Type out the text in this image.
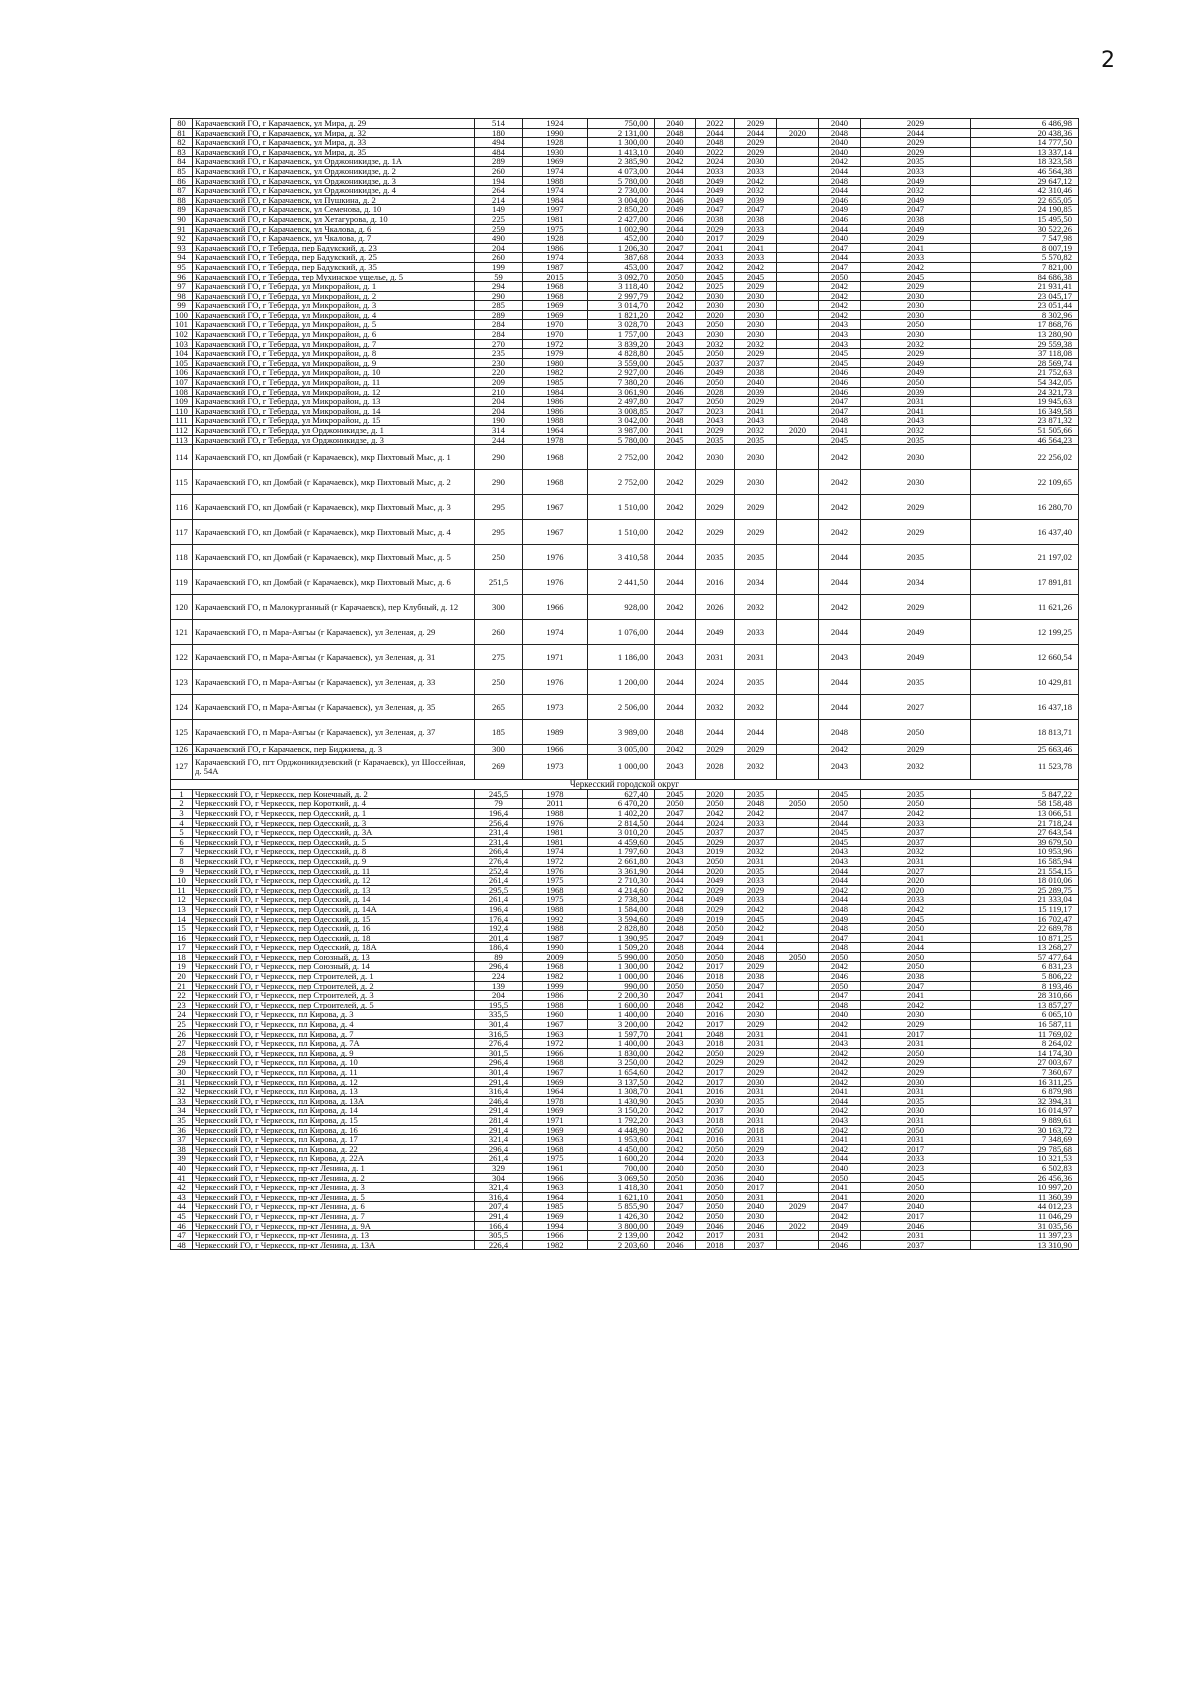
2
80	Карачаевский ГО, г Карачаевск, ул Мира, д. 29	514	1924	750,00	2040	2022	2029		2040	2029	6 486,98
81	Карачаевский ГО, г Карачаевск, ул Мира, д. 32	180	1990	2 131,00	2048	2044	2044	2020	2048	2044	20 438,36
82	Карачаевский ГО, г Карачаевск, ул Мира, д. 33	494	1928	1 300,00	2040	2048	2029		2040	2029	14 777,50
83	Карачаевский ГО, г Карачаевск, ул Мира, д. 35	484	1930	1 413,10	2040	2022	2029		2040	2029	13 337,14
84	Карачаевский ГО, г Карачаевск, ул Орджоникидзе, д. 1А	289	1969	2 385,90	2042	2024	2030		2042	2035	18 323,58
85	Карачаевский ГО, г Карачаевск, ул Орджоникидзе, д. 2	260	1974	4 073,00	2044	2033	2033		2044	2033	46 564,38
86	Карачаевский ГО, г Карачаевск, ул Орджоникидзе, д. 3	194	1988	5 780,00	2048	2049	2042		2048	2049	29 647,12
87	Карачаевский ГО, г Карачаевск, ул Орджоникидзе, д. 4	264	1974	2 730,00	2044	2049	2032		2044	2032	42 310,46
88	Карачаевский ГО, г Карачаевск, ул Пушкина, д. 2	214	1984	3 004,00	2046	2049	2039		2046	2049	22 655,05
89	Карачаевский ГО, г Карачаевск, ул Семенова, д. 10	149	1997	2 850,20	2049	2047	2047		2049	2047	24 190,85
90	Карачаевский ГО, г Карачаевск, ул Хетагурова, д. 10	225	1981	2 427,00	2046	2038	2038		2046	2038	15 495,50
91	Карачаевский ГО, г Карачаевск, ул Чкалова, д. 6	259	1975	1 002,90	2044	2029	2033		2044	2049	30 522,26
92	Карачаевский ГО, г Карачаевск, ул Чкалова, д. 7	490	1928	452,00	2040	2017	2029		2040	2029	7 547,98
93	Карачаевский ГО, г Теберда, пер Бадукский, д. 23	204	1986	1 206,30	2047	2041	2041		2047	2041	8 007,19
94	Карачаевский ГО, г Теберда, пер Бадукский, д. 25	260	1974	387,68	2044	2033	2033		2044	2033	5 570,82
95	Карачаевский ГО, г Теберда, пер Бадукский, д. 35	199	1987	453,00	2047	2042	2042		2047	2042	7 821,00
96	Карачаевский ГО, г Теберда, тер Мухинское ущелье, д. 5	59	2015	3 092,70	2050	2045	2045		2050	2045	84 686,38
97	Карачаевский ГО, г Теберда, ул Микрорайон, д. 1	294	1968	3 118,40	2042	2025	2029		2042	2029	21 931,41
98	Карачаевский ГО, г Теберда, ул Микрорайон, д. 2	290	1968	2 997,79	2042	2030	2030		2042	2030	23 045,17
99	Карачаевский ГО, г Теберда, ул Микрорайон, д. 3	285	1969	3 014,70	2042	2030	2030		2042	2030	23 051,44
100	Карачаевский ГО, г Теберда, ул Микрорайон, д. 4	289	1969	1 821,20	2042	2020	2030		2042	2030	8 302,96
101	Карачаевский ГО, г Теберда, ул Микрорайон, д. 5	284	1970	3 028,70	2043	2050	2030		2043	2050	17 868,76
102	Карачаевский ГО, г Теберда, ул Микрорайон, д. 6	284	1970	1 757,00	2043	2030	2030		2043	2030	13 280,90
103	Карачаевский ГО, г Теберда, ул Микрорайон, д. 7	270	1972	3 839,20	2043	2032	2032		2043	2032	29 559,38
104	Карачаевский ГО, г Теберда, ул Микрорайон, д. 8	235	1979	4 828,80	2045	2050	2029		2045	2029	37 118,08
105	Карачаевский ГО, г Теберда, ул Микрорайон, д. 9	230	1980	3 559,00	2045	2037	2037		2045	2049	28 569,74
106	Карачаевский ГО, г Теберда, ул Микрорайон, д. 10	220	1982	2 927,00	2046	2049	2038		2046	2049	21 752,63
107	Карачаевский ГО, г Теберда, ул Микрорайон, д. 11	209	1985	7 380,20	2046	2050	2040		2046	2050	54 342,05
108	Карачаевский ГО, г Теберда, ул Микрорайон, д. 12	210	1984	3 061,90	2046	2028	2039		2046	2039	24 321,73
109	Карачаевский ГО, г Теберда, ул Микрорайон, д. 13	204	1986	2 497,80	2047	2050	2029		2047	2031	19 945,63
110	Карачаевский ГО, г Теберда, ул Микрорайон, д. 14	204	1986	3 008,85	2047	2023	2041		2047	2041	16 349,58
111	Карачаевский ГО, г Теберда, ул Микрорайон, д. 15	190	1988	3 042,00	2048	2043	2043		2048	2043	23 871,32
112	Карачаевский ГО, г Теберда, ул Орджоникидзе, д. 1	314	1964	3 987,00	2041	2029	2032	2020	2041	2032	51 505,66
113	Карачаевский ГО, г Теберда, ул Орджоникидзе, д. 3	244	1978	5 780,00	2045	2035	2035		2045	2035	46 564,23
114	Карачаевский ГО, кп Домбай (г Карачаевск), мкр Пихтовый Мыс, д. 1	290	1968	2 752,00	2042	2030	2030		2042	2030	22 256,02
115	Карачаевский ГО, кп Домбай (г Карачаевск), мкр Пихтовый Мыс, д. 2	290	1968	2 752,00	2042	2029	2030		2042	2030	22 109,65
116	Карачаевский ГО, кп Домбай (г Карачаевск), мкр Пихтовый Мыс, д. 3	295	1967	1 510,00	2042	2029	2029		2042	2029	16 280,70
117	Карачаевский ГО, кп Домбай (г Карачаевск), мкр Пихтовый Мыс, д. 4	295	1967	1 510,00	2042	2029	2029		2042	2029	16 437,40
118	Карачаевский ГО, кп Домбай (г Карачаевск), мкр Пихтовый Мыс, д. 5	250	1976	3 410,58	2044	2035	2035		2044	2035	21 197,02
119	Карачаевский ГО, кп Домбай (г Карачаевск), мкр Пихтовый Мыс, д. 6	251,5	1976	2 441,50	2044	2016	2034		2044	2034	17 891,81
120	Карачаевский ГО, п Малокурганный (г Карачаевск), пер Клубный, д. 12	300	1966	928,00	2042	2026	2032		2042	2029	11 621,26
121	Карачаевский ГО, п Мара-Аягъы (г Карачаевск), ул Зеленая, д. 29	260	1974	1 076,00	2044	2049	2033		2044	2049	12 199,25
122	Карачаевский ГО, п Мара-Аягъы (г Карачаевск), ул Зеленая, д. 31	275	1971	1 186,00	2043	2031	2031		2043	2049	12 660,54
123	Карачаевский ГО, п Мара-Аягъы (г Карачаевск), ул Зеленая, д. 33	250	1976	1 200,00	2044	2024	2035		2044	2035	10 429,81
124	Карачаевский ГО, п Мара-Аягъы (г Карачаевск), ул Зеленая, д. 35	265	1973	2 506,00	2044	2032	2032		2044	2027	16 437,18
125	Карачаевский ГО, п Мара-Аягъы (г Карачаевск), ул Зеленая, д. 37	185	1989	3 989,00	2048	2044	2044		2048	2050	18 813,71
126	Карачаевский ГО, г Карачаевск, пер Биджиева, д. 3	300	1966	3 005,00	2042	2029	2029		2042	2029	25 663,46
127	Карачаевский ГО, пгт Орджоникидзевский (г Карачаевск), ул Шоссейная, д. 54А	269	1973	1 000,00	2043	2028	2032		2043	2032	11 523,78
Черкесский городской округ											
1	Черкесский ГО, г Черкесск, пер Конечный, д. 2	245,5	1978	627,40	2045	2020	2035		2045	2035	5 847,22
2	Черкесский ГО, г Черкесск, пер Короткий, д. 4	79	2011	6 470,20	2050	2050	2048	2050	2050	2050	58 158,48
3	Черкесский ГО, г Черкесск, пер Одесский, д. 1	196,4	1988	1 402,20	2047	2042	2042		2047	2042	13 066,51
4	Черкесский ГО, г Черкесск, пер Одесский, д. 3	256,4	1976	2 814,50	2044	2024	2033		2044	2033	21 718,24
5	Черкесский ГО, г Черкесск, пер Одесский, д. 3А	231,4	1981	3 010,20	2045	2037	2037		2045	2037	27 643,54
6	Черкесский ГО, г Черкесск, пер Одесский, д. 5	231,4	1981	4 459,60	2045	2029	2037		2045	2037	39 679,50
7	Черкесский ГО, г Черкесск, пер Одесский, д. 8	266,4	1974	1 797,60	2043	2019	2032		2043	2032	10 953,96
8	Черкесский ГО, г Черкесск, пер Одесский, д. 9	276,4	1972	2 661,80	2043	2050	2031		2043	2031	16 585,94
9	Черкесский ГО, г Черкесск, пер Одесский, д. 11	252,4	1976	3 361,90	2044	2020	2035		2044	2027	21 554,15
10	Черкесский ГО, г Черкесск, пер Одесский, д. 12	261,4	1975	2 710,30	2044	2049	2033		2044	2020	18 010,06
11	Черкесский ГО, г Черкесск, пер Одесский, д. 13	295,5	1968	4 214,60	2042	2029	2029		2042	2020	25 289,75
12	Черкесский ГО, г Черкесск, пер Одесский, д. 14	261,4	1975	2 738,30	2044	2049	2033		2044	2033	21 333,04
13	Черкесский ГО, г Черкесск, пер Одесский, д. 14А	196,4	1988	1 584,00	2048	2029	2042		2048	2042	15 119,17
14	Черкесский ГО, г Черкесск, пер Одесский, д. 15	176,4	1992	3 594,60	2049	2019	2045		2049	2045	16 702,47
15	Черкесский ГО, г Черкесск, пер Одесский, д. 16	192,4	1988	2 828,80	2048	2050	2042		2048	2050	22 689,78
16	Черкесский ГО, г Черкесск, пер Одесский, д. 18	201,4	1987	1 390,95	2047	2049	2041		2047	2041	10 871,25
17	Черкесский ГО, г Черкесск, пер Одесский, д. 18А	186,4	1990	1 509,20	2048	2044	2044		2048	2044	13 268,27
18	Черкесский ГО, г Черкесск, пер Союзный, д. 13	89	2009	5 990,00	2050	2050	2048	2050	2050	2050	57 477,64
19	Черкесский ГО, г Черкесск, пер Союзный, д. 14	296,4	1968	1 300,00	2042	2017	2029		2042	2050	6 831,23
20	Черкесский ГО, г Черкесск, пер Строителей, д. 1	224	1982	1 000,00	2046	2018	2038		2046	2038	5 806,22
21	Черкесский ГО, г Черкесск, пер Строителей, д. 2	139	1999	990,00	2050	2050	2047		2050	2047	8 193,46
22	Черкесский ГО, г Черкесск, пер Строителей, д. 3	204	1986	2 200,30	2047	2041	2041		2047	2041	28 310,66
23	Черкесский ГО, г Черкесск, пер Строителей, д. 5	195,5	1988	1 600,00	2048	2042	2042		2048	2042	13 857,27
24	Черкесский ГО, г Черкесск, пл Кирова, д. 3	335,5	1960	1 400,00	2040	2016	2030		2040	2030	6 065,10
25	Черкесский ГО, г Черкесск, пл Кирова, д. 4	301,4	1967	3 200,00	2042	2017	2029		2042	2029	16 587,11
26	Черкесский ГО, г Черкесск, пл Кирова, д. 7	316,5	1963	1 597,70	2041	2048	2031		2041	2017	11 769,02
27	Черкесский ГО, г Черкесск, пл Кирова, д. 7А	276,4	1972	1 400,00	2043	2018	2031		2043	2031	8 264,02
28	Черкесский ГО, г Черкесск, пл Кирова, д. 9	301,5	1966	1 830,00	2042	2050	2029		2042	2050	14 174,30
29	Черкесский ГО, г Черкесск, пл Кирова, д. 10	296,4	1968	3 250,00	2042	2029	2029		2042	2029	27 003,67
30	Черкесский ГО, г Черкесск, пл Кирова, д. 11	301,4	1967	1 654,60	2042	2017	2029		2042	2029	7 360,67
31	Черкесский ГО, г Черкесск, пл Кирова, д. 12	291,4	1969	3 137,50	2042	2017	2030		2042	2030	16 311,25
32	Черкесский ГО, г Черкесск, пл Кирова, д. 13	316,4	1964	1 308,70	2041	2016	2031		2041	2031	6 879,98
33	Черкесский ГО, г Черкесск, пл Кирова, д. 13А	246,4	1978	1 430,90	2045	2030	2035		2044	2035	32 394,31
34	Черкесский ГО, г Черкесск, пл Кирова, д. 14	291,4	1969	3 150,20	2042	2017	2030		2042	2030	16 014,97
35	Черкесский ГО, г Черкесск, пл Кирова, д. 15	281,4	1971	1 792,20	2043	2018	2031		2043	2031	9 889,61
36	Черкесский ГО, г Черкесск, пл Кирова, д. 16	291,4	1969	4 448,90	2042	2050	2018		2042	2050	30 163,72
37	Черкесский ГО, г Черкесск, пл Кирова, д. 17	321,4	1963	1 953,60	2041	2016	2031		2041	2031	7 348,69
38	Черкесский ГО, г Черкесск, пл Кирова, д. 22	296,4	1968	4 450,00	2042	2050	2029		2042	2017	29 785,68
39	Черкесский ГО, г Черкесск, пл Кирова, д. 22А	261,4	1975	1 600,20	2044	2020	2033		2044	2033	10 321,53
40	Черкесский ГО, г Черкесск, пр-кт Ленина, д. 1	329	1961	700,00	2040	2050	2030		2040	2023	6 502,83
41	Черкесский ГО, г Черкесск, пр-кт Ленина, д. 2	304	1966	3 069,50	2050	2036	2040		2050	2045	26 456,36
42	Черкесский ГО, г Черкесск, пр-кт Ленина, д. 3	321,4	1963	1 418,30	2041	2050	2017		2041	2050	10 997,20
43	Черкесский ГО, г Черкесск, пр-кт Ленина, д. 5	316,4	1964	1 621,10	2041	2050	2031		2041	2020	11 360,39
44	Черкесский ГО, г Черкесск, пр-кт Ленина, д. 6	207,4	1985	5 855,90	2047	2050	2040	2029	2047	2040	44 012,23
45	Черкесский ГО, г Черкесск, пр-кт Ленина, д. 7	291,4	1969	1 426,30	2042	2050	2030		2042	2017	11 046,29
46	Черкесский ГО, г Черкесск, пр-кт Ленина, д. 9А	166,4	1994	3 800,00	2049	2046	2046	2022	2049	2046	31 035,56
47	Черкесский ГО, г Черкесск, пр-кт Ленина, д. 13	305,5	1966	2 139,00	2042	2017	2031		2042	2031	11 397,23
48	Черкесский ГО, г Черкесск, пр-кт Ленина, д. 13А	226,4	1982	2 203,60	2046	2018	2037		2046	2037	13 310,90
